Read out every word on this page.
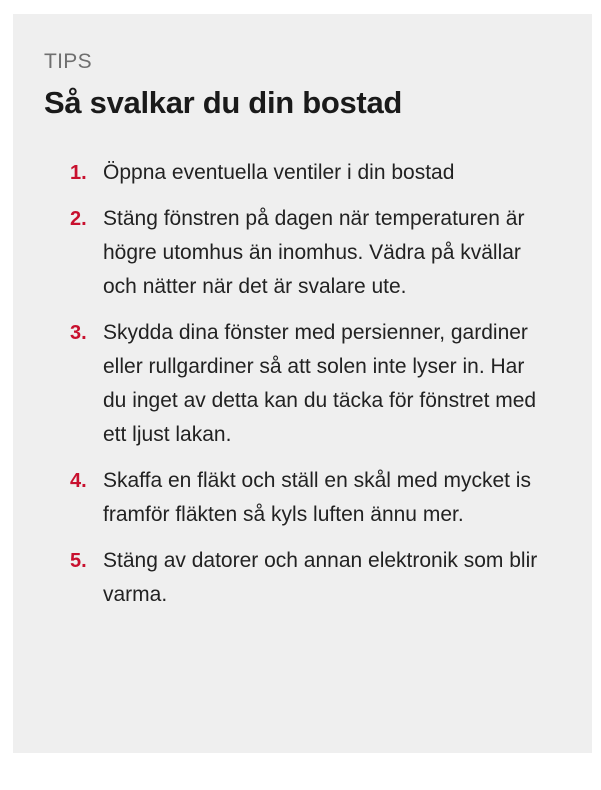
TIPS

Så svalkar du din bostad
1. Öppna eventuella ventiler i din bostad
2. Stäng fönstren på dagen när temperaturen är högre utomhus än inomhus. Vädra på kvällar och nätter när det är svalare ute.
3. Skydda dina fönster med persienner, gardiner eller rullgardiner så att solen inte lyser in. Har du inget av detta kan du täcka för fönstret med ett ljust lakan.
4. Skaffa en fläkt och ställ en skål med mycket is framför fläkten så kyls luften ännu mer.
5. Stäng av datorer och annan elektronik som blir varma.
